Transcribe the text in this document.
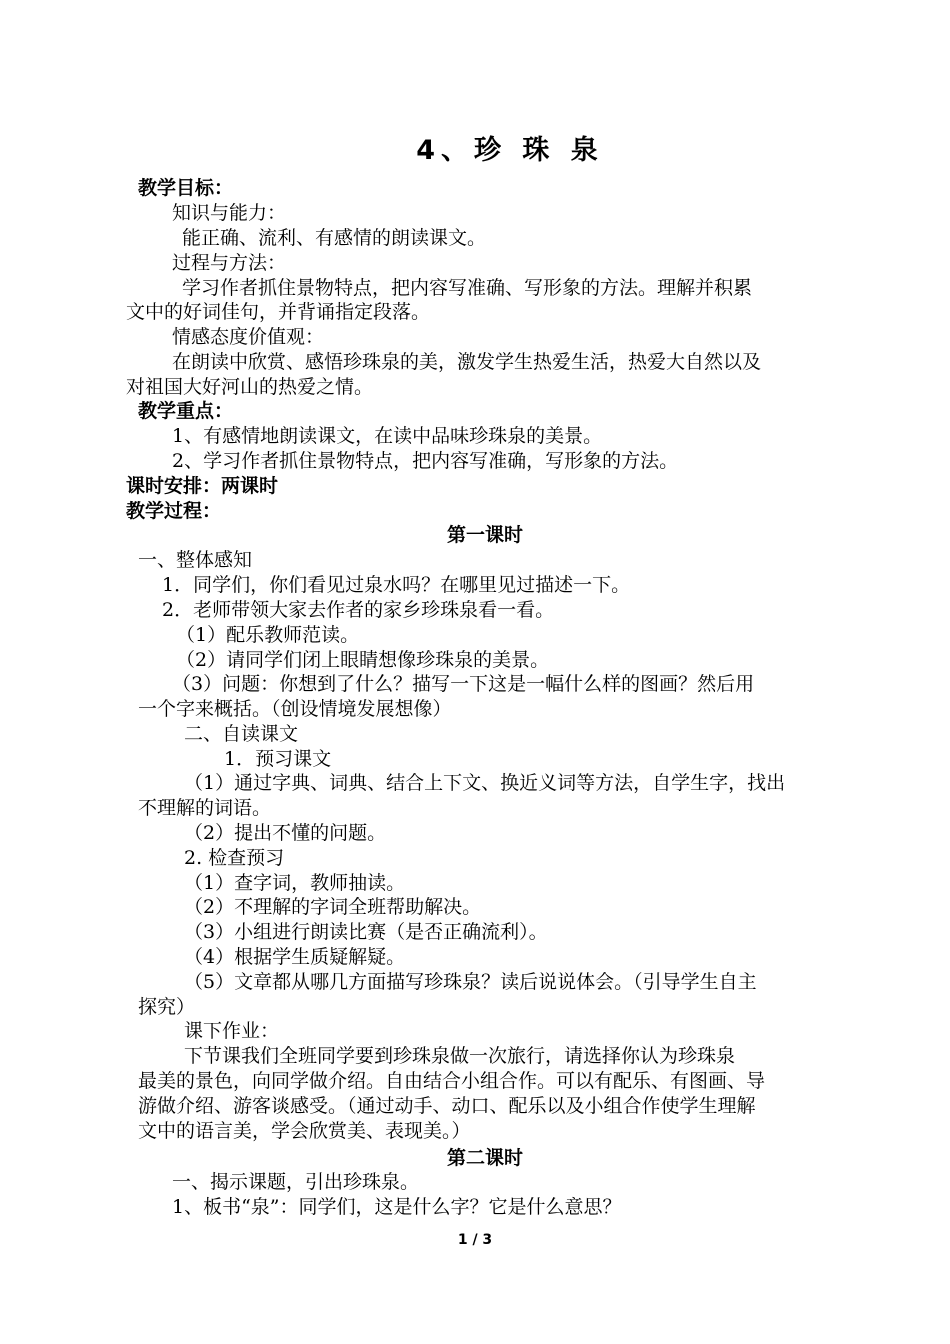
4、珍 珠 泉
教学目标：
知识与能力：
能正确、流利、有感情的朗读课文。
过程与方法：
学习作者抓住景物特点，把内容写准确、写形象的方法。理解并积累
文中的好词佳句，并背诵指定段落。
情感态度价值观：
在朗读中欣赏、感悟珍珠泉的美，激发学生热爱生活，热爱大自然以及
对祖国大好河山的热爱之情。
教学重点：
1、有感情地朗读课文，在读中品味珍珠泉的美景。
2、学习作者抓住景物特点，把内容写准确，写形象的方法。
课时安排：两课时
教学过程：
第一课时
一、整体感知
1．同学们，你们看见过泉水吗？在哪里见过描述一下。
2．老师带领大家去作者的家乡珍珠泉看一看。
（1）配乐教师范读。
（2）请同学们闭上眼睛想像珍珠泉的美景。
（3）问题：你想到了什么？描写一下这是一幅什么样的图画？然后用
一个字来概括。（创设情境发展想像）
二、自读课文
1．预习课文
（1）通过字典、词典、结合上下文、换近义词等方法，自学生字，找出
不理解的词语。
（2）提出不懂的问题。
2. 检查预习
（1）查字词，教师抽读。
（2）不理解的字词全班帮助解决。
（3）小组进行朗读比赛（是否正确流利）。
（4）根据学生质疑解疑。
（5）文章都从哪几方面描写珍珠泉？读后说说体会。（引导学生自主
探究）
课下作业：
下节课我们全班同学要到珍珠泉做一次旅行，请选择你认为珍珠泉
最美的景色，向同学做介绍。自由结合小组合作。可以有配乐、有图画、导
游做介绍、游客谈感受。（通过动手、动口、配乐以及小组合作使学生理解
文中的语言美，学会欣赏美、表现美。）
第二课时
一、揭示课题，引出珍珠泉。
1、板书“泉”：同学们，这是什么字？它是什么意思？
1 / 3
